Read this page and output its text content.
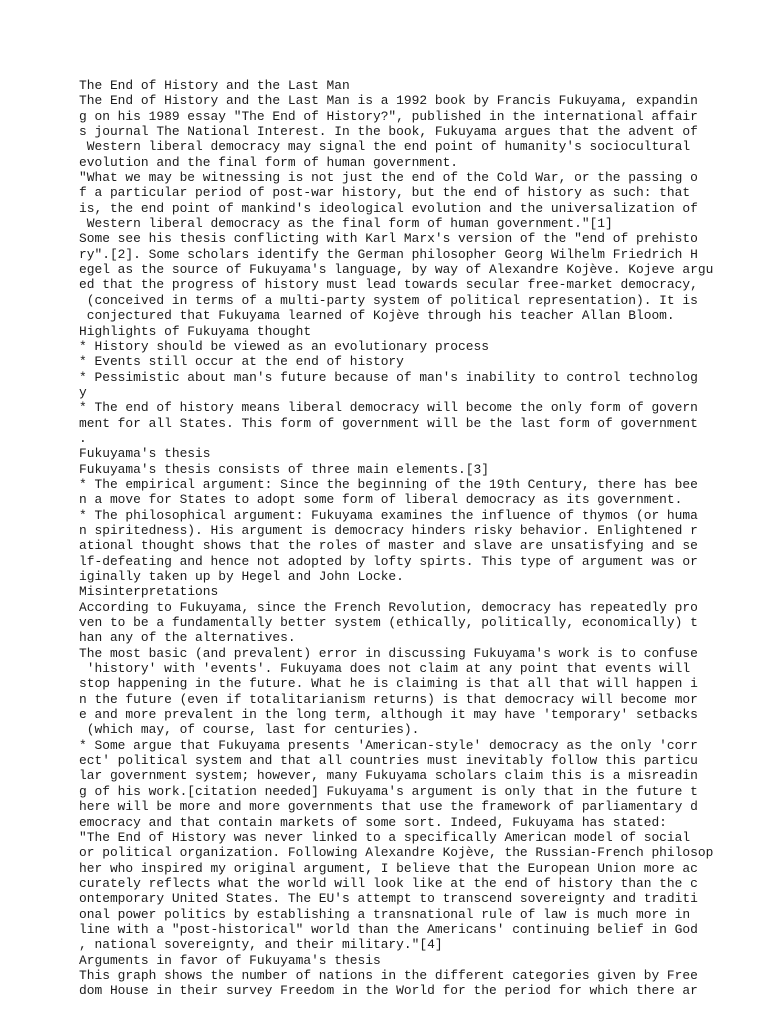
The End of History and the Last Man
The End of History and the Last Man is a 1992 book by Francis Fukuyama, expandin
g on his 1989 essay "The End of History?", published in the international affair
s journal The National Interest. In the book, Fukuyama argues that the advent of
Western liberal democracy may signal the end point of humanity's sociocultural
evolution and the final form of human government.
"What we may be witnessing is not just the end of the Cold War, or the passing o
f a particular period of post-war history, but the end of history as such: that
is, the end point of mankind's ideological evolution and the universalization of
Western liberal democracy as the final form of human government."[1]
Some see his thesis conflicting with Karl Marx's version of the "end of prehisto
ry".[2]. Some scholars identify the German philosopher Georg Wilhelm Friedrich H
egel as the source of Fukuyama's language, by way of Alexandre Kojève. Kojeve argu
ed that the progress of history must lead towards secular free-market democracy,
(conceived in terms of a multi-party system of political representation). It is
conjectured that Fukuyama learned of Kojève through his teacher Allan Bloom.
Highlights of Fukuyama thought
* History should be viewed as an evolutionary process
* Events still occur at the end of history
* Pessimistic about man's future because of man's inability to control technolog
y
* The end of history means liberal democracy will become the only form of govern
ment for all States. This form of government will be the last form of government
.
Fukuyama's thesis
Fukuyama's thesis consists of three main elements.[3]
* The empirical argument: Since the beginning of the 19th Century, there has bee
n a move for States to adopt some form of liberal democracy as its government.
* The philosophical argument: Fukuyama examines the influence of thymos (or huma
n spiritedness). His argument is democracy hinders risky behavior. Enlightened r
ational thought shows that the roles of master and slave are unsatisfying and se
lf-defeating and hence not adopted by lofty spirts. This type of argument was or
iginally taken up by Hegel and John Locke.
Misinterpretations
According to Fukuyama, since the French Revolution, democracy has repeatedly pro
ven to be a fundamentally better system (ethically, politically, economically) t
han any of the alternatives.
The most basic (and prevalent) error in discussing Fukuyama's work is to confuse
'history' with 'events'. Fukuyama does not claim at any point that events will
stop happening in the future. What he is claiming is that all that will happen i
n the future (even if totalitarianism returns) is that democracy will become mor
e and more prevalent in the long term, although it may have 'temporary' setbacks
(which may, of course, last for centuries).
* Some argue that Fukuyama presents 'American-style' democracy as the only 'corr
ect' political system and that all countries must inevitably follow this particu
lar government system; however, many Fukuyama scholars claim this is a misreadin
g of his work.[citation needed] Fukuyama's argument is only that in the future t
here will be more and more governments that use the framework of parliamentary d
emocracy and that contain markets of some sort. Indeed, Fukuyama has stated:
"The End of History was never linked to a specifically American model of social
or political organization. Following Alexandre Kojève, the Russian-French philosop
her who inspired my original argument, I believe that the European Union more ac
curately reflects what the world will look like at the end of history than the c
ontemporary United States. The EU's attempt to transcend sovereignty and traditi
onal power politics by establishing a transnational rule of law is much more in
line with a "post-historical" world than the Americans' continuing belief in God
, national sovereignty, and their military."[4]
Arguments in favor of Fukuyama's thesis
This graph shows the number of nations in the different categories given by Free
dom House in their survey Freedom in the World for the period for which there ar
